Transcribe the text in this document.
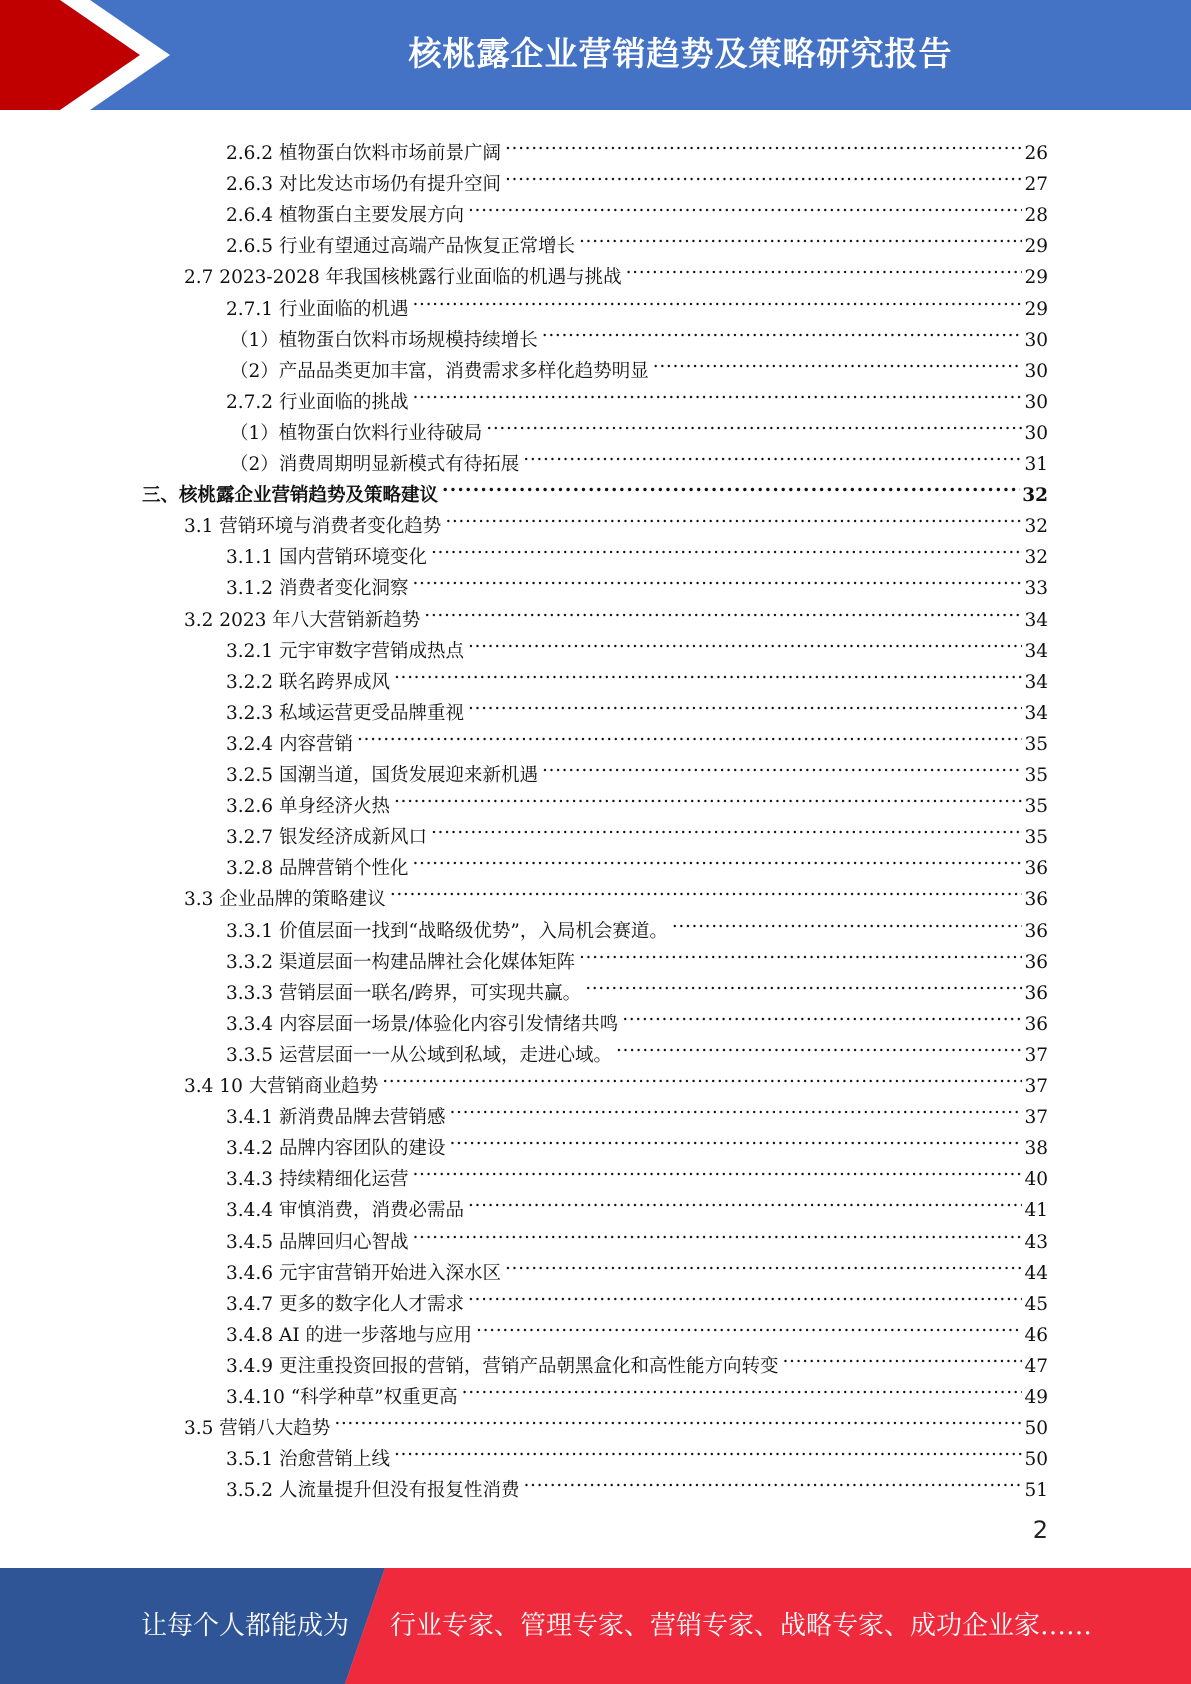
核桃露企业营销趋势及策略研究报告
2.6.2 植物蛋白饮料市场前景广阔 . . .	26
2.6.3 对比发达市场仍有提升空间 . . .	27
2.6.4 植物蛋白主要发展方向 . . .	28
2.6.5 行业有望通过高端产品恢复正常增长 . . .	29
2.7 2023-2028 年我国核桃露行业面临的机遇与挑战 . . .	29
2.7.1 行业面临的机遇 . . .	29
（1）植物蛋白饮料市场规模持续增长 . . .	30
（2）产品品类更加丰富，消费需求多样化趋势明显 . . .	30
2.7.2 行业面临的挑战 . . .	30
（1）植物蛋白饮料行业待破局 . . .	30
（2）消费周期明显新模式有待拓展 . . .	31
三、核桃露企业营销趋势及策略建议 . . .	32
3.1 营销环境与消费者变化趋势 . . .	32
3.1.1 国内营销环境变化 . . .	32
3.1.2 消费者变化洞察 . . .	33
3.2 2023 年八大营销新趋势 . . .	34
3.2.1 元宇审数字营销成热点 . . .	34
3.2.2 联名跨界成风 . . .	34
3.2.3 私域运营更受品牌重视 . . .	34
3.2.4 内容营销 . . .	35
3.2.5 国潮当道，国货发展迎来新机遇 . . .	35
3.2.6 单身经济火热 . . .	35
3.2.7 银发经济成新风口 . . .	35
3.2.8 品牌营销个性化 . . .	36
3.3 企业品牌的策略建议 . . .	36
3.3.1 价值层面一找到“战略级优势”，入局机会赛道。 . . .	36
3.3.2 渠道层面一构建品牌社会化媒体矩阵 . . .	36
3.3.3 营销层面一联名/跨界，可实现共赢。 . . .	36
3.3.4 内容层面一场景/体验化内容引发情绪共鸣 . . .	36
3.3.5 运营层面一一从公域到私域，走进心域。 . . .	37
3.4 10 大营销商业趋势 . . .	37
3.4.1 新消费品牌去营销感 . . .	37
3.4.2 品牌内容团队的建设 . . .	38
3.4.3 持续精细化运营 . . .	40
3.4.4 审慎消费，消费必需品 . . .	41
3.4.5 品牌回归心智战 . . .	43
3.4.6 元宇宙营销开始进入深水区 . . .	44
3.4.7 更多的数字化人才需求 . . .	45
3.4.8 AI 的进一步落地与应用 . . .	46
3.4.9 更注重投资回报的营销，营销产品朝黑盒化和高性能方向转变 . . .	47
3.4.10 “科学种草”权重更高 . . .	49
3.5 营销八大趋势 . . .	50
3.5.1 治愈营销上线 . . .	50
3.5.2 人流量提升但没有报复性消费 . . .	51
2
让每个人都能成为	行业专家、管理专家、营销专家、战略专家、成功企业家……
